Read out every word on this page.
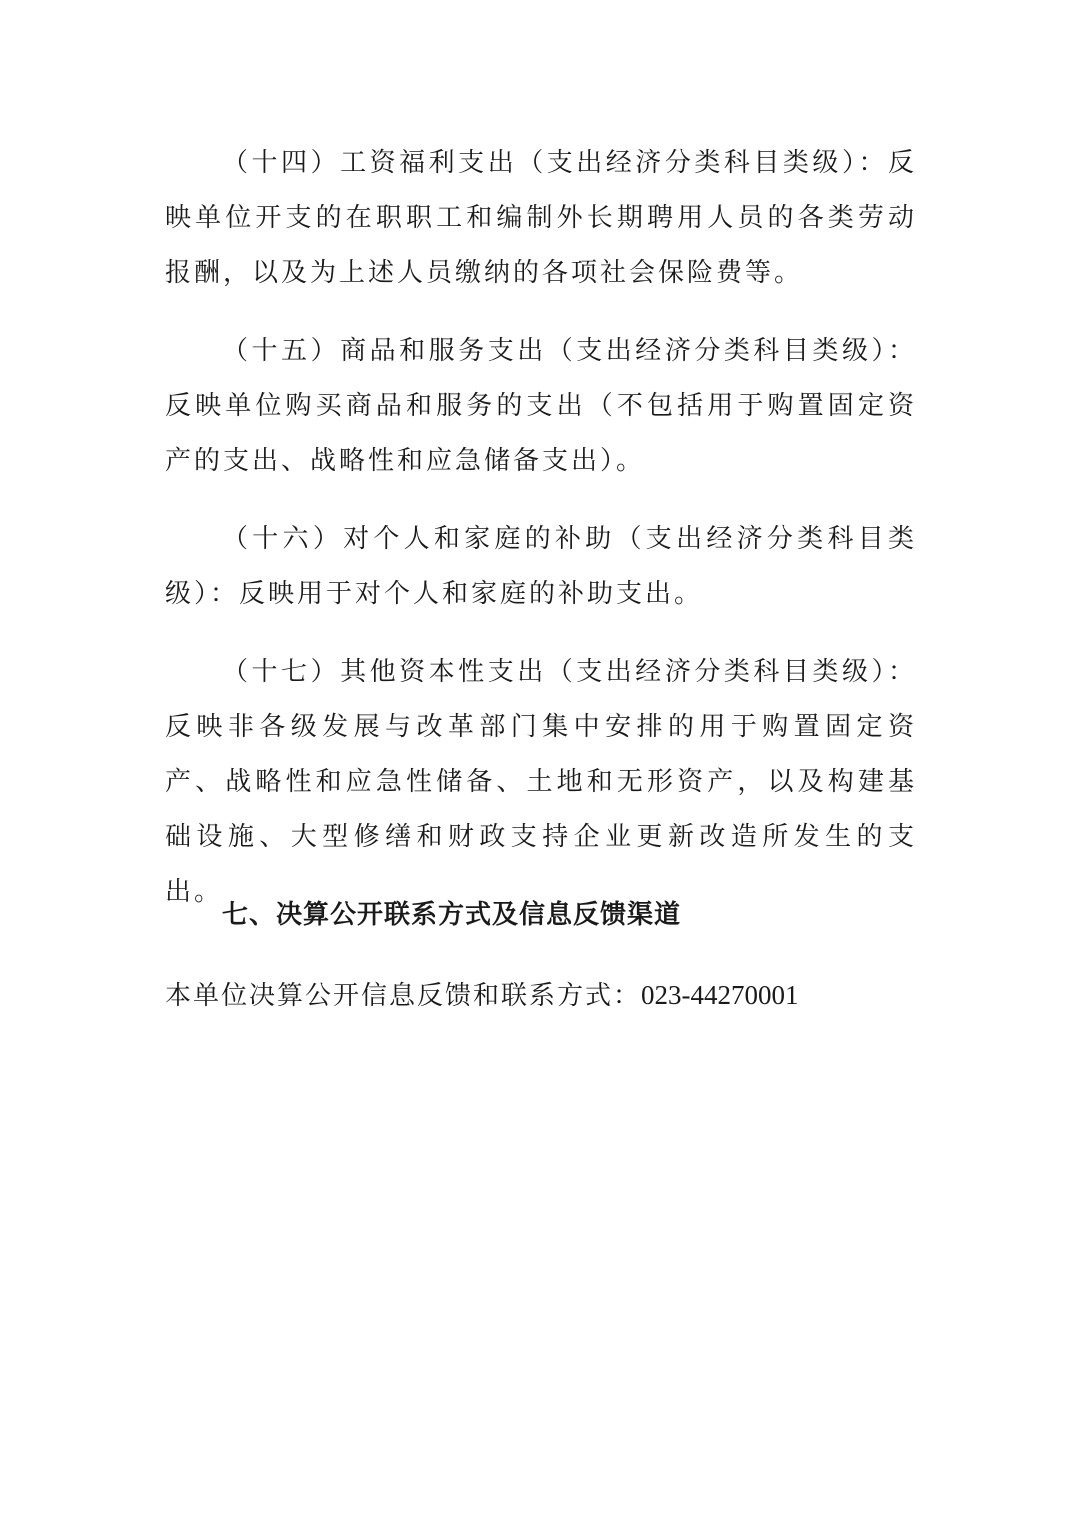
（十四）工资福利支出（支出经济分类科目类级）：反映单位开支的在职职工和编制外长期聘用人员的各类劳动报酬，以及为上述人员缴纳的各项社会保险费等。

（十五）商品和服务支出（支出经济分类科目类级）：反映单位购买商品和服务的支出（不包括用于购置固定资产的支出、战略性和应急储备支出）。

（十六）对个人和家庭的补助（支出经济分类科目类级）：反映用于对个人和家庭的补助支出。

（十七）其他资本性支出（支出经济分类科目类级）：反映非各级发展与改革部门集中安排的用于购置固定资产、战略性和应急性储备、土地和无形资产，以及构建基础设施、大型修缮和财政支持企业更新改造所发生的支出。

七、决算公开联系方式及信息反馈渠道

本单位决算公开信息反馈和联系方式：023-44270001
